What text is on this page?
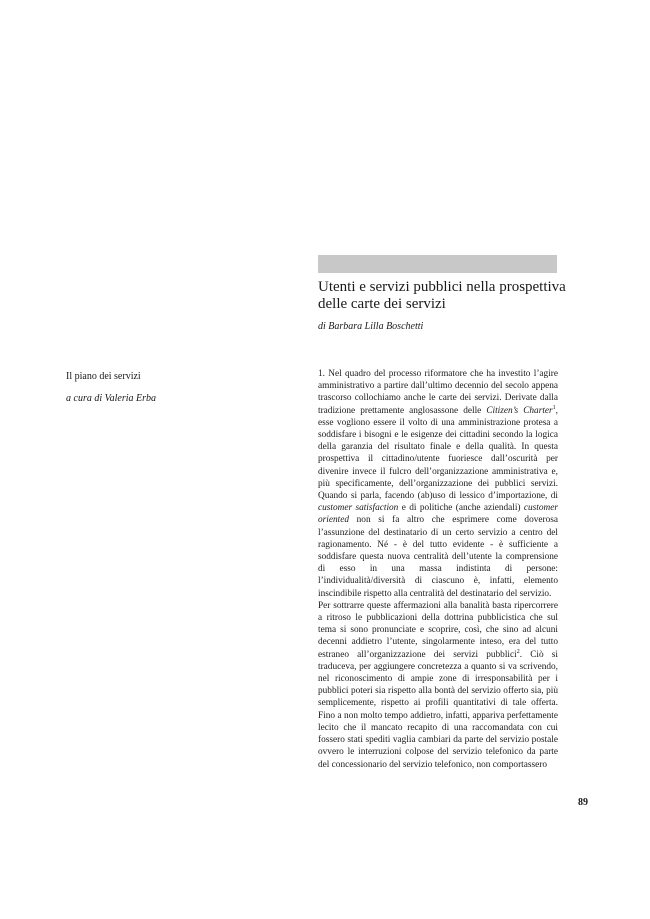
Utenti e servizi pubblici nella prospettiva delle carte dei servizi

di Barbara Lilla Boschetti

Il piano dei servizi

a cura di Valeria Erba

1. Nel quadro del processo riformatore che ha investito l’agire amministrativo a partire dall’ultimo decennio del secolo appena trascorso collochiamo anche le carte dei servizi. Derivate dalla tradizione prettamente anglosassone delle Citizen’s Charter$^1$, esse vogliono essere il volto di una amministrazione protesa a soddisfare i bisogni e le esigenze dei cittadini secondo la logica della garanzia del risultato finale e della qualità. In questa prospettiva il cittadino/utente fuoriesce dall’oscurità per divenire invece il fulcro dell’organizzazione amministrativa e, più specificamente, dell’organizzazione dei pubblici servizi. Quando si parla, facendo (ab)uso di lessico d’importazione, di customer satisfaction e di politiche (anche aziendali) customer oriented non si fa altro che esprimere come doverosa l’assunzione del destinatario di un certo servizio a centro del ragionamento. Né - è del tutto evidente - è sufficiente a soddisfare questa nuova centralità dell’utente la comprensione di esso in una massa indistinta di persone: l’individualità/diversità di ciascuno è, infatti, elemento inscindibile rispetto alla centralità del destinatario del servizio.

Per sottrarre queste affermazioni alla banalità basta ripercorrere a ritroso le pubblicazioni della dottrina pubblicistica che sul tema si sono pronunciate e scoprire, così, che sino ad alcuni decenni addietro l’utente, singolarmente inteso, era del tutto estraneo all’organizzazione dei servizi pubblici$^2$. Ciò si traduceva, per aggiungere concretezza a quanto si va scrivendo, nel riconoscimento di ampie zone di irresponsabilità per i pubblici poteri sia rispetto alla bontà del servizio offerto sia, più semplicemente, rispetto ai profili quantitativi di tale offerta. Fino a non molto tempo addietro, infatti, appariva perfettamente lecito che il mancato recapito di una raccomandata con cui fossero stati spediti vaglia cambiari da parte del servizio postale ovvero le interruzioni colpose del servizio telefonico da parte del concessionario del servizio telefonico, non comportassero

89
